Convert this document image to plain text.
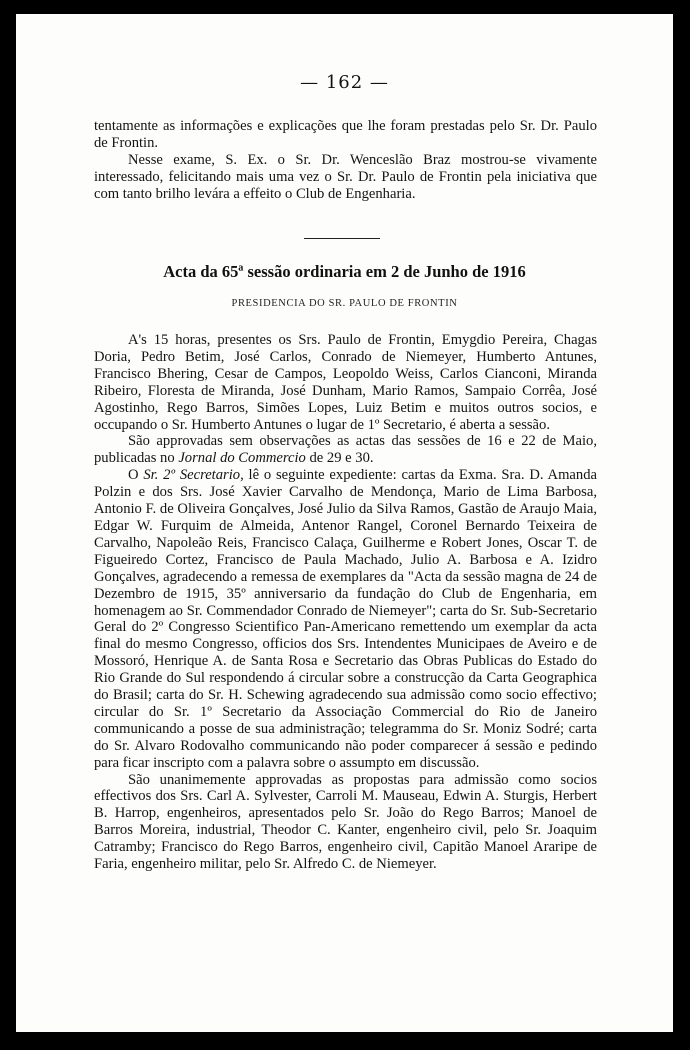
— 162 —

tentamente as informações e explicações que lhe foram prestadas pelo Sr. Dr. Paulo de Frontin.

Nesse exame, S. Ex. o Sr. Dr. Wenceslão Braz mostrou-se vivamente interessado, felicitando mais uma vez o Sr. Dr. Paulo de Frontin pela iniciativa que com tanto brilho levára a effeito o Club de Engenharia.

Acta da 65ª sessão ordinaria em 2 de Junho de 1916
PRESIDENCIA DO SR. PAULO DE FRONTIN

A's 15 horas, presentes os Srs. Paulo de Frontin, Emygdio Pereira, Chagas Doria, Pedro Betim, José Carlos, Conrado de Niemeyer, Humberto Antunes, Francisco Bhering, Cesar de Campos, Leopoldo Weiss, Carlos Cianconi, Miranda Ribeiro, Floresta de Miranda, José Dunham, Mario Ramos, Sampaio Corrêa, José Agostinho, Rego Barros, Simões Lopes, Luiz Betim e muitos outros socios, e occupando o Sr. Humberto Antunes o lugar de 1º Secretario, é aberta a sessão.

São approvadas sem observações as actas das sessões de 16 e 22 de Maio, publicadas no Jornal do Commercio de 29 e 30.

O Sr. 2º Secretario, lê o seguinte expediente: cartas da Exma. Sra. D. Amanda Polzin e dos Srs. José Xavier Carvalho de Mendonça, Mario de Lima Barbosa, Antonio F. de Oliveira Gonçalves, José Julio da Silva Ramos, Gastão de Araujo Maia, Edgar W. Furquim de Almeida, Antenor Rangel, Coronel Bernardo Teixeira de Carvalho, Napoleão Reis, Francisco Calaça, Guilherme e Robert Jones, Oscar T. de Figueiredo Cortez, Francisco de Paula Machado, Julio A. Barbosa e A. Izidro Gonçalves, agradecendo a remessa de exemplares da "Acta da sessão magna de 24 de Dezembro de 1915, 35º anniversario da fundação do Club de Engenharia, em homenagem ao Sr. Commendador Conrado de Niemeyer"; carta do Sr. Sub-Secretario Geral do 2º Congresso Scientifico Pan-Americano remettendo um exemplar da acta final do mesmo Congresso, officios dos Srs. Intendentes Municipaes de Aveiro e de Mossoró, Henrique A. de Santa Rosa e Secretario das Obras Publicas do Estado do Rio Grande do Sul respondendo á circular sobre a construcção da Carta Geographica do Brasil; carta do Sr. H. Schewing agradecendo sua admissão como socio effectivo; circular do Sr. 1º Secretario da Associação Commercial do Rio de Janeiro communicando a posse de sua administração; telegramma do Sr. Moniz Sodré; carta do Sr. Alvaro Rodovalho communicando não poder comparecer á sessão e pedindo para ficar inscripto com a palavra sobre o assumpto em discussão.

São unanimemente approvadas as propostas para admissão como socios effectivos dos Srs. Carl A. Sylvester, Carroli M. Mauseau, Edwin A. Sturgis, Herbert B. Harrop, engenheiros, apresentados pelo Sr. João do Rego Barros; Manoel de Barros Moreira, industrial, Theodor C. Kanter, engenheiro civil, pelo Sr. Joaquim Catramby; Francisco do Rego Barros, engenheiro civil, Capitão Manoel Araripe de Faria, engenheiro militar, pelo Sr. Alfredo C. de Niemeyer.
